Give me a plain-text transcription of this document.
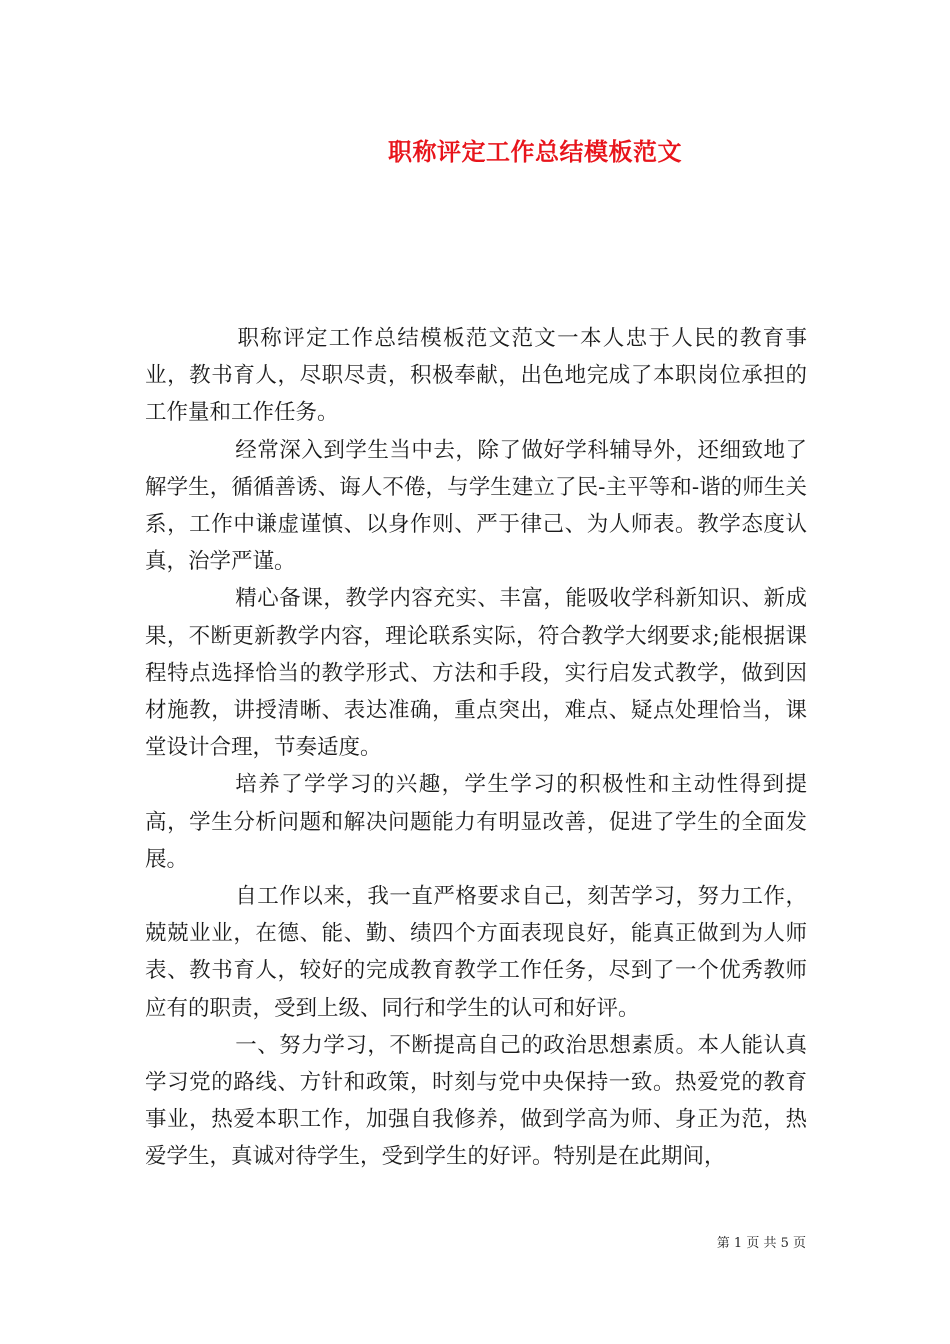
职称评定工作总结模板范文

职称评定工作总结模板范文范文一本人忠于人民的教育事业，教书育人，尽职尽责，积极奉献，出色地完成了本职岗位承担的工作量和工作任务。

经常深入到学生当中去，除了做好学科辅导外，还细致地了解学生，循循善诱、诲人不倦，与学生建立了民-主平等和-谐的师生关系，工作中谦虚谨慎、以身作则、严于律己、为人师表。教学态度认真，治学严谨。

精心备课，教学内容充实、丰富，能吸收学科新知识、新成果，不断更新教学内容，理论联系实际，符合教学大纲要求;能根据课程特点选择恰当的教学形式、方法和手段，实行启发式教学，做到因材施教，讲授清晰、表达准确，重点突出，难点、疑点处理恰当，课堂设计合理，节奏适度。

培养了学学习的兴趣，学生学习的积极性和主动性得到提高，学生分析问题和解决问题能力有明显改善，促进了学生的全面发展。

自工作以来，我一直严格要求自己，刻苦学习，努力工作，兢兢业业，在德、能、勤、绩四个方面表现良好，能真正做到为人师表、教书育人，较好的完成教育教学工作任务，尽到了一个优秀教师应有的职责，受到上级、同行和学生的认可和好评。

一、努力学习，不断提高自己的政治思想素质。本人能认真学习党的路线、方针和政策，时刻与党中央保持一致。热爱党的教育事业，热爱本职工作，加强自我修养，做到学高为师、身正为范，热爱学生，真诚对待学生，受到学生的好评。特别是在此期间，

第 1 页 共 5 页
